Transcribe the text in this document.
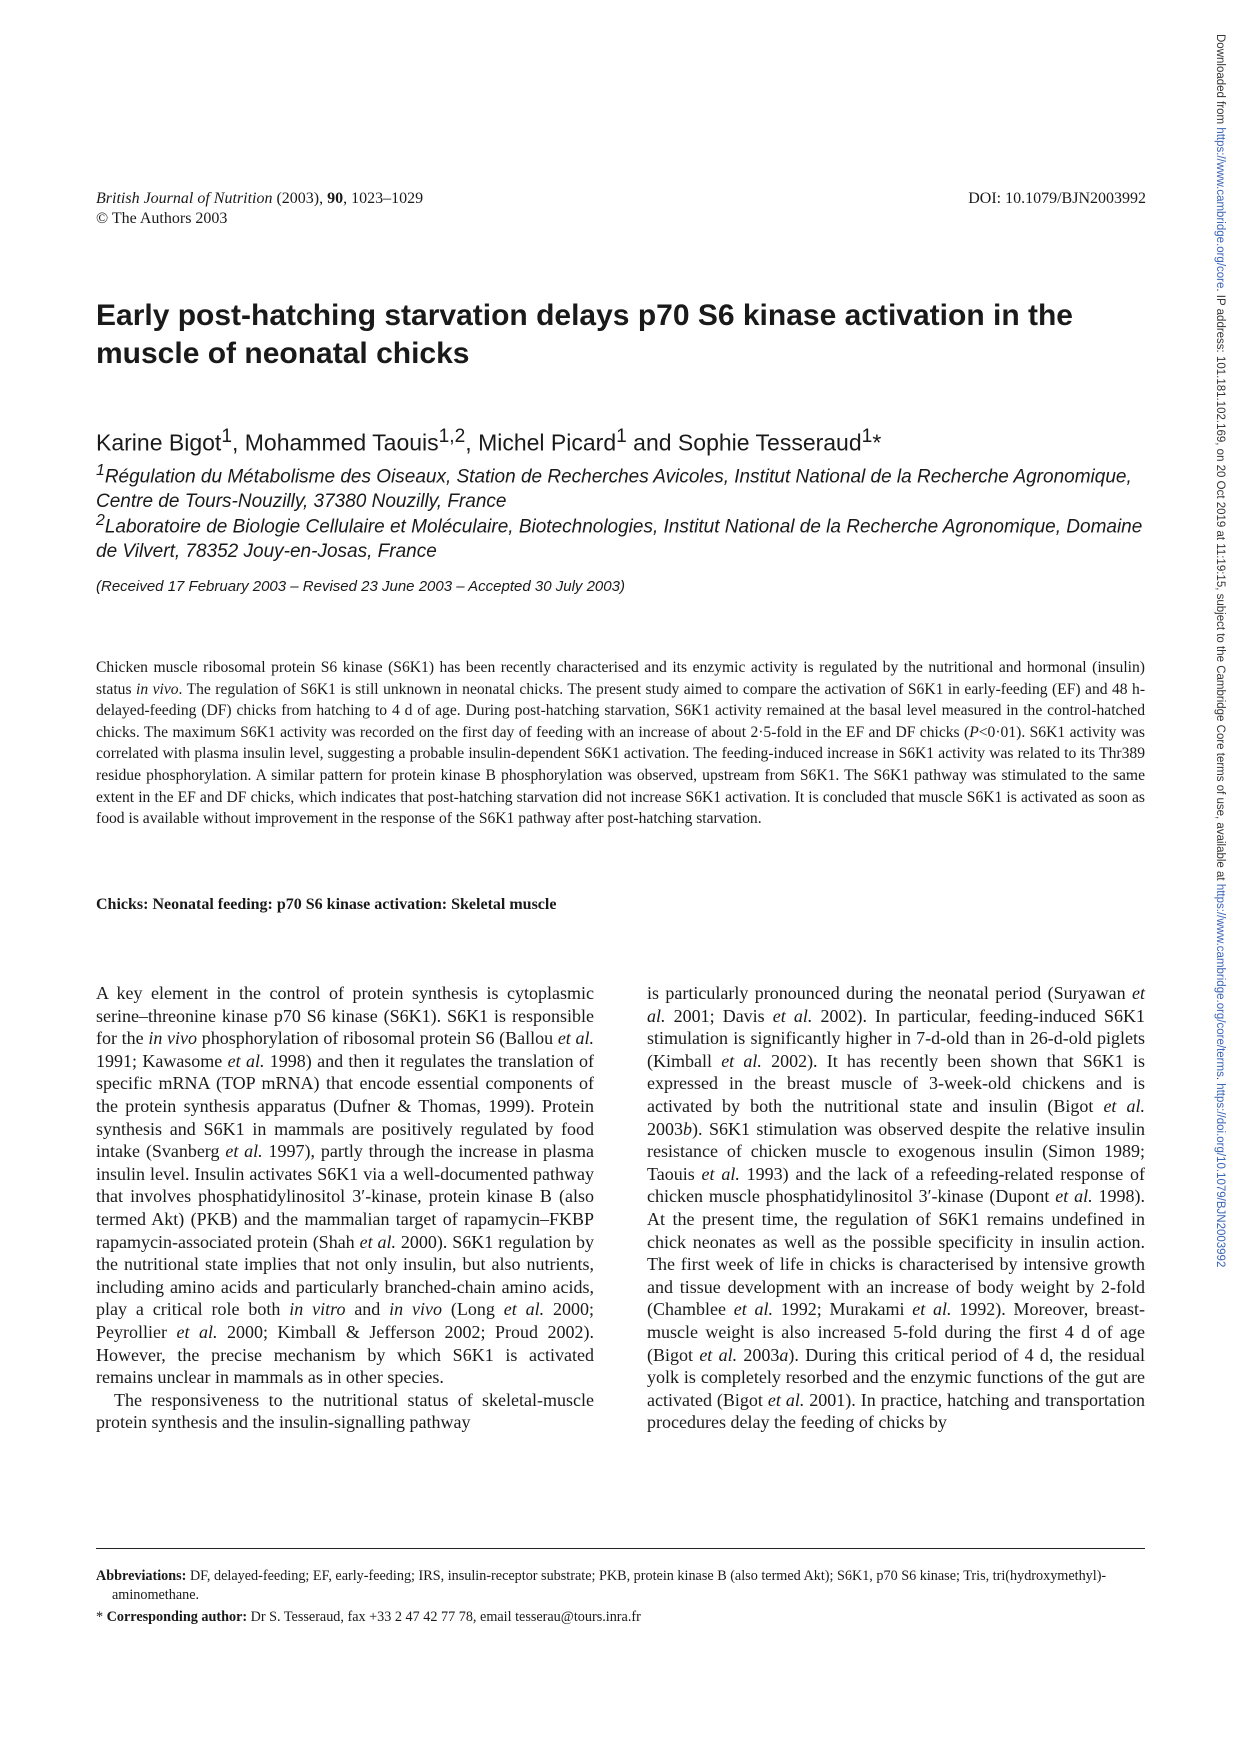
Downloaded from https://www.cambridge.org/core. IP address: 101.181.102.169, on 20 Oct 2019 at 11:19:15, subject to the Cambridge Core terms of use, available at https://www.cambridge.org/core/terms. https://doi.org/10.1079/BJN2003992
British Journal of Nutrition (2003), 90, 1023–1029
© The Authors 2003
DOI: 10.1079/BJN2003992
Early post-hatching starvation delays p70 S6 kinase activation in the muscle of neonatal chicks
Karine Bigot$^1$, Mohammed Taouis$^{1,2}$, Michel Picard$^1$ and Sophie Tesseraud$^1$*
$^1$Régulation du Métabolisme des Oiseaux, Station de Recherches Avicoles, Institut National de la Recherche Agronomique, Centre de Tours-Nouzilly, 37380 Nouzilly, France
$^2$Laboratoire de Biologie Cellulaire et Moléculaire, Biotechnologies, Institut National de la Recherche Agronomique, Domaine de Vilvert, 78352 Jouy-en-Josas, France
(Received 17 February 2003 – Revised 23 June 2003 – Accepted 30 July 2003)

Chicken muscle ribosomal protein S6 kinase (S6K1) has been recently characterised and its enzymic activity is regulated by the nutritional and hormonal (insulin) status in vivo. The regulation of S6K1 is still unknown in neonatal chicks. The present study aimed to compare the activation of S6K1 in early-feeding (EF) and 48 h-delayed-feeding (DF) chicks from hatching to 4 d of age. During post-hatching starvation, S6K1 activity remained at the basal level measured in the control-hatched chicks. The maximum S6K1 activity was recorded on the first day of feeding with an increase of about 2·5-fold in the EF and DF chicks (P<0·01). S6K1 activity was correlated with plasma insulin level, suggesting a probable insulin-dependent S6K1 activation. The feeding-induced increase in S6K1 activity was related to its Thr389 residue phosphorylation. A similar pattern for protein kinase B phosphorylation was observed, upstream from S6K1. The S6K1 pathway was stimulated to the same extent in the EF and DF chicks, which indicates that post-hatching starvation did not increase S6K1 activation. It is concluded that muscle S6K1 is activated as soon as food is available without improvement in the response of the S6K1 pathway after post-hatching starvation.

Chicks: Neonatal feeding: p70 S6 kinase activation: Skeletal muscle

A key element in the control of protein synthesis is cytoplasmic serine–threonine kinase p70 S6 kinase (S6K1). S6K1 is responsible for the in vivo phosphorylation of ribosomal protein S6 (Ballou et al. 1991; Kawasome et al. 1998) and then it regulates the translation of specific mRNA (TOP mRNA) that encode essential components of the protein synthesis apparatus (Dufner & Thomas, 1999). Protein synthesis and S6K1 in mammals are positively regulated by food intake (Svanberg et al. 1997), partly through the increase in plasma insulin level. Insulin activates S6K1 via a well-documented pathway that involves phosphatidylinositol 3′-kinase, protein kinase B (also termed Akt) (PKB) and the mammalian target of rapamycin–FKBP rapamycin-associated protein (Shah et al. 2000). S6K1 regulation by the nutritional state implies that not only insulin, but also nutrients, including amino acids and particularly branched-chain amino acids, play a critical role both in vitro and in vivo (Long et al. 2000; Peyrollier et al. 2000; Kimball & Jefferson 2002; Proud 2002). However, the precise mechanism by which S6K1 is activated remains unclear in mammals as in other species.

The responsiveness to the nutritional status of skeletal-muscle protein synthesis and the insulin-signalling pathway

is particularly pronounced during the neonatal period (Suryawan et al. 2001; Davis et al. 2002). In particular, feeding-induced S6K1 stimulation is significantly higher in 7-d-old than in 26-d-old piglets (Kimball et al. 2002). It has recently been shown that S6K1 is expressed in the breast muscle of 3-week-old chickens and is activated by both the nutritional state and insulin (Bigot et al. 2003b). S6K1 stimulation was observed despite the relative insulin resistance of chicken muscle to exogenous insulin (Simon 1989; Taouis et al. 1993) and the lack of a refeeding-related response of chicken muscle phosphatidylinositol 3′-kinase (Dupont et al. 1998). At the present time, the regulation of S6K1 remains undefined in chick neonates as well as the possible specificity in insulin action. The first week of life in chicks is characterised by intensive growth and tissue development with an increase of body weight by 2-fold (Chamblee et al. 1992; Murakami et al. 1992). Moreover, breast-muscle weight is also increased 5-fold during the first 4 d of age (Bigot et al. 2003a). During this critical period of 4 d, the residual yolk is completely resorbed and the enzymic functions of the gut are activated (Bigot et al. 2001). In practice, hatching and transportation procedures delay the feeding of chicks by

Abbreviations: DF, delayed-feeding; EF, early-feeding; IRS, insulin-receptor substrate; PKB, protein kinase B (also termed Akt); S6K1, p70 S6 kinase; Tris, tri(hydroxymethyl)-aminomethane.
* Corresponding author: Dr S. Tesseraud, fax +33 2 47 42 77 78, email tesserau@tours.inra.fr
